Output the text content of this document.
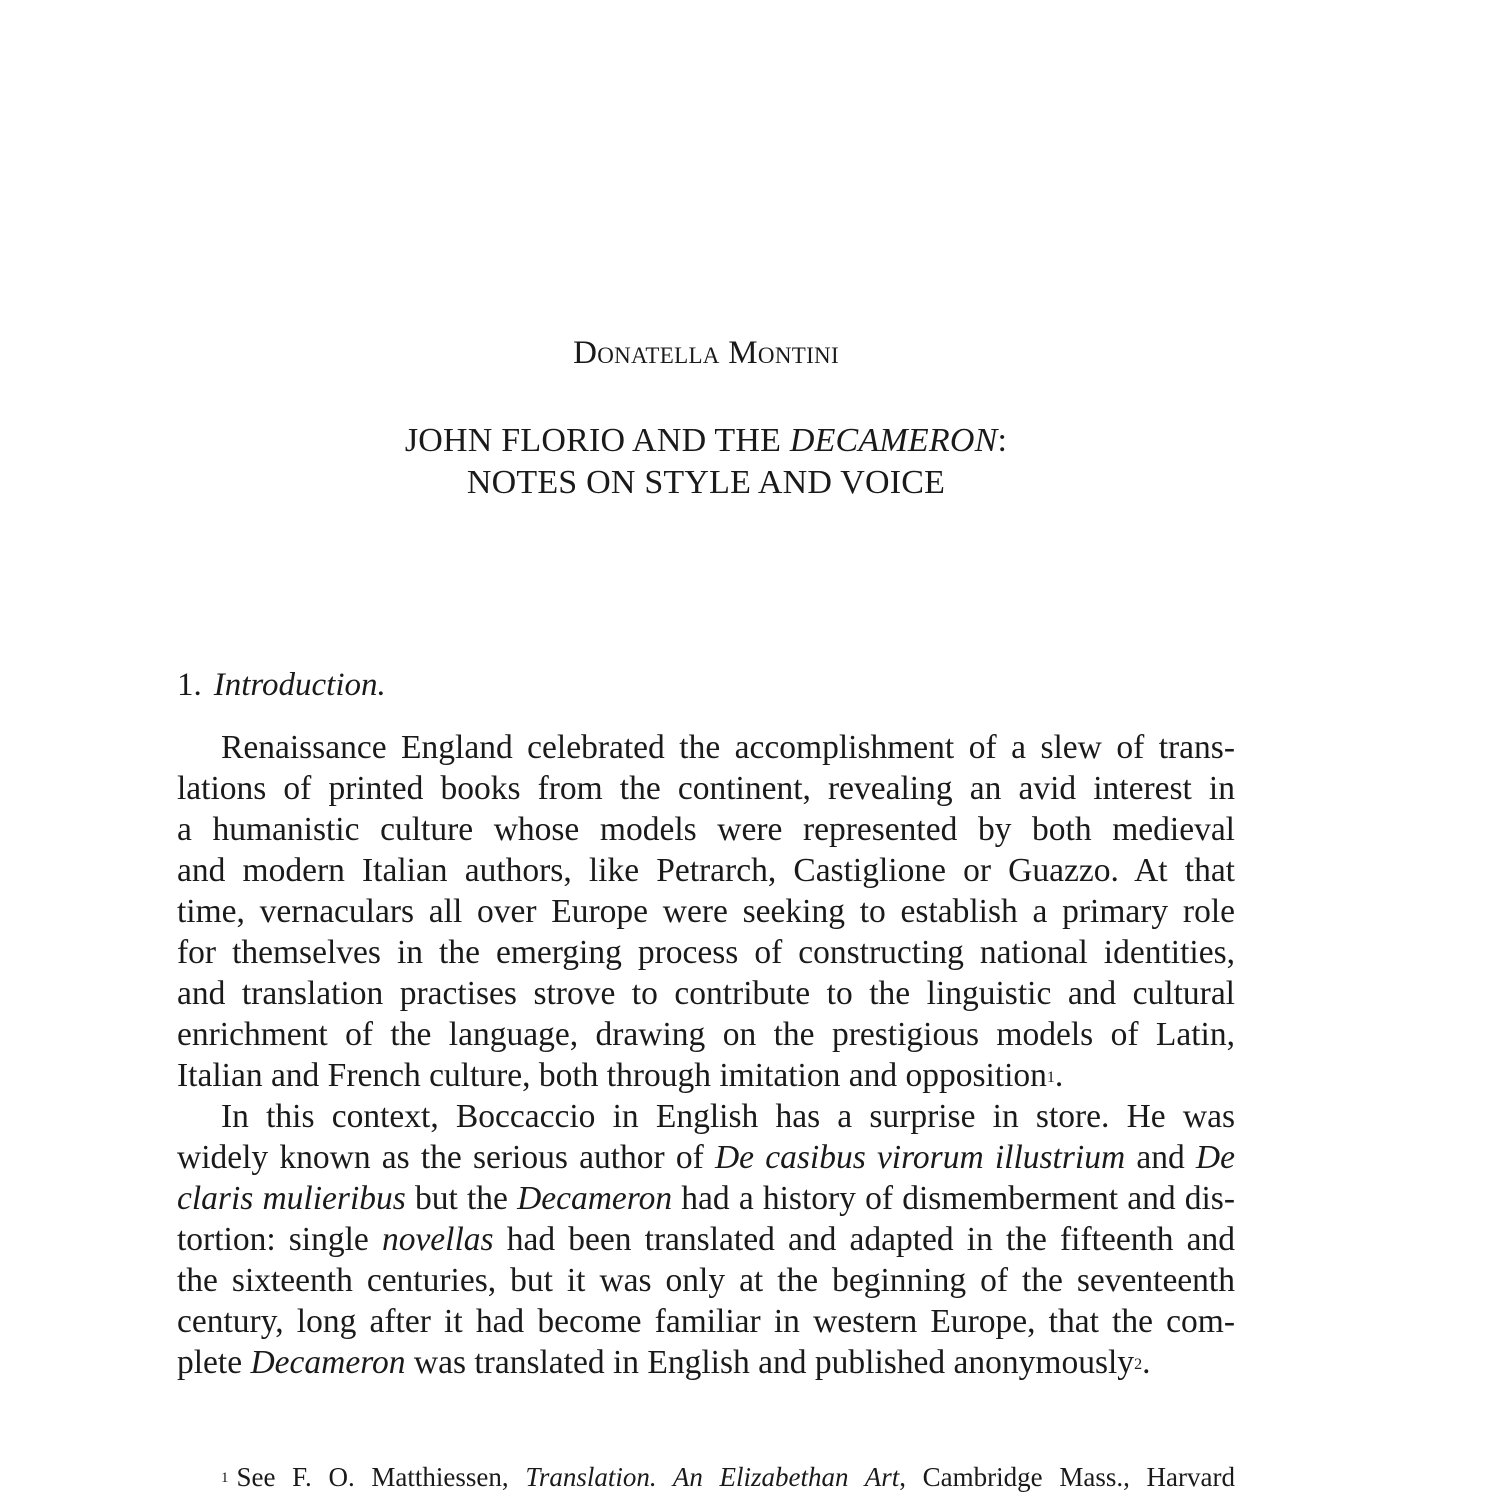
Donatella Montini
JOHN FLORIO AND THE DECAMERON:
NOTES ON STYLE AND VOICE
1. Introduction.
Renaissance England celebrated the accomplishment of a slew of trans-
lations of printed books from the continent, revealing an avid interest in
a humanistic culture whose models were represented by both medieval
and modern Italian authors, like Petrarch, Castiglione or Guazzo. At that
time, vernaculars all over Europe were seeking to establish a primary role
for themselves in the emerging process of constructing national identities,
and translation practises strove to contribute to the linguistic and cultural
enrichment of the language, drawing on the prestigious models of Latin,
Italian and French culture, both through imitation and opposition$^1$.
In this context, Boccaccio in English has a surprise in store. He was
widely known as the serious author of De casibus virorum illustrium and De
claris mulieribus but the Decameron had a history of dismemberment and dis-
tortion: single novellas had been translated and adapted in the fifteenth and
the sixteenth centuries, but it was only at the beginning of the seventeenth
century, long after it had become familiar in western Europe, that the com-
plete Decameron was translated in English and published anonymously$^2$.
$^1$ See F. O. Matthiessen, Translation. An Elizabethan Art, Cambridge Mass., Harvard
